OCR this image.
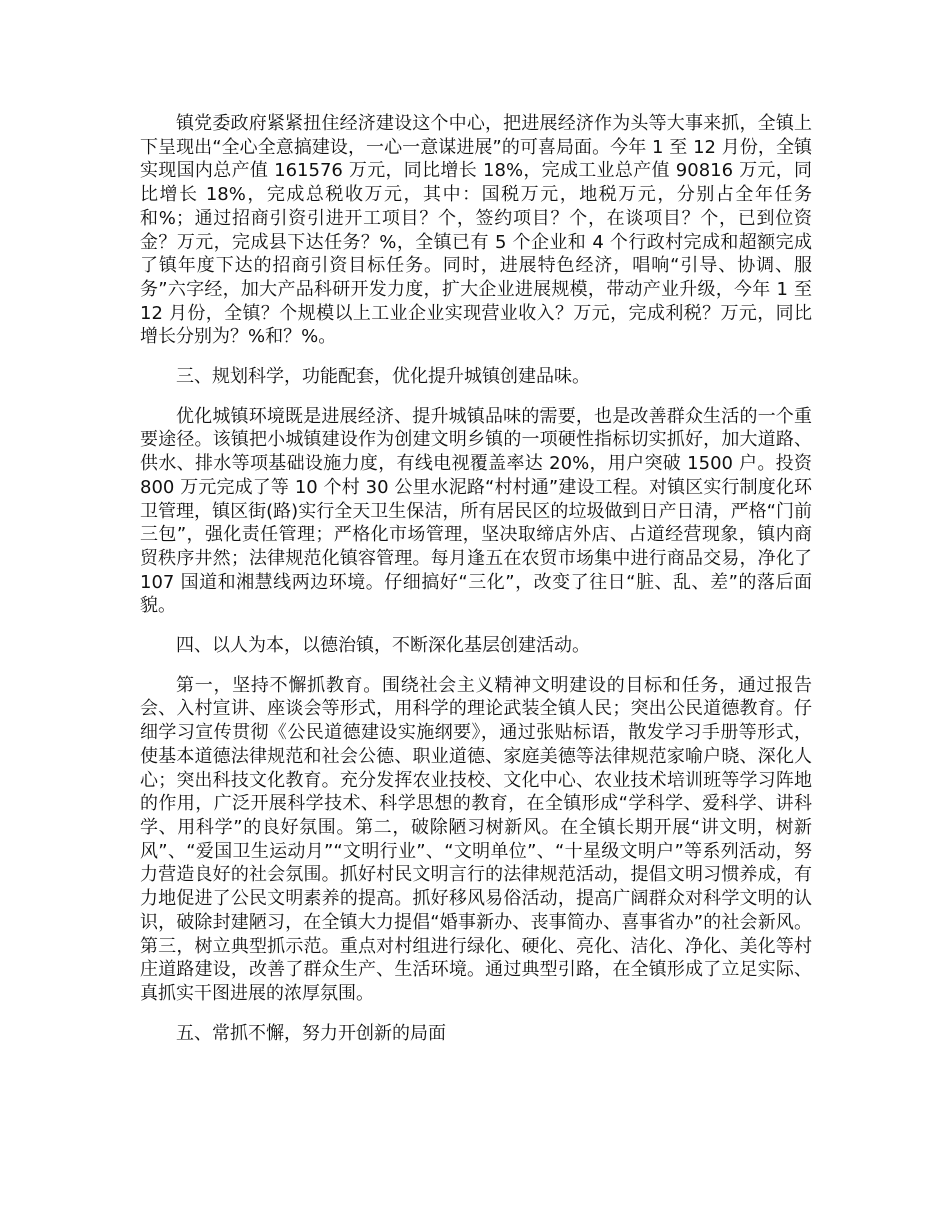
镇党委政府紧紧扭住经济建设这个中心，把进展经济作为头等大事来抓，全镇上下呈现出“全心全意搞建设，一心一意谋进展”的可喜局面。今年 1 至 12 月份，全镇实现国内总产值 161576 万元，同比增长 18%，完成工业总产值 90816 万元，同比增长 18%，完成总税收万元，其中：国税万元，地税万元，分别占全年任务和%；通过招商引资引进开工项目？个，签约项目？个，在谈项目？个，已到位资金？万元，完成县下达任务？%，全镇已有 5 个企业和 4 个行政村完成和超额完成了镇年度下达的招商引资目标任务。同时，进展特色经济，唱响“引导、协调、服务”六字经，加大产品科研开发力度，扩大企业进展规模，带动产业升级，今年 1 至 12 月份，全镇？个规模以上工业企业实现营业收入？万元，完成利税？万元，同比增长分别为？%和？%。

三、规划科学，功能配套，优化提升城镇创建品味。

优化城镇环境既是进展经济、提升城镇品味的需要，也是改善群众生活的一个重要途径。该镇把小城镇建设作为创建文明乡镇的一项硬性指标切实抓好，加大道路、供水、排水等项基础设施力度，有线电视覆盖率达 20%，用户突破 1500 户。投资 800 万元完成了等 10 个村 30 公里水泥路“村村通”建设工程。对镇区实行制度化环卫管理，镇区街(路)实行全天卫生保洁，所有居民区的垃圾做到日产日清，严格“门前三包”，强化责任管理；严格化市场管理，坚决取缔店外店、占道经营现象，镇内商贸秩序井然；法律规范化镇容管理。每月逢五在农贸市场集中进行商品交易，净化了 107 国道和湘慧线两边环境。仔细搞好“三化”，改变了往日“脏、乱、差”的落后面貌。

四、以人为本，以德治镇，不断深化基层创建活动。

第一，坚持不懈抓教育。围绕社会主义精神文明建设的目标和任务，通过报告会、入村宣讲、座谈会等形式，用科学的理论武装全镇人民；突出公民道德教育。仔细学习宣传贯彻《公民道德建设实施纲要》，通过张贴标语，散发学习手册等形式，使基本道德法律规范和社会公德、职业道德、家庭美德等法律规范家喻户晓、深化人心；突出科技文化教育。充分发挥农业技校、文化中心、农业技术培训班等学习阵地的作用，广泛开展科学技术、科学思想的教育，在全镇形成“学科学、爱科学、讲科学、用科学”的良好氛围。第二，破除陋习树新风。在全镇长期开展“讲文明，树新风”、“爱国卫生运动月”“文明行业”、“文明单位”、“十星级文明户”等系列活动，努力营造良好的社会氛围。抓好村民文明言行的法律规范活动，提倡文明习惯养成，有力地促进了公民文明素养的提高。抓好移风易俗活动，提高广阔群众对科学文明的认识，破除封建陋习，在全镇大力提倡“婚事新办、丧事简办、喜事省办”的社会新风。第三，树立典型抓示范。重点对村组进行绿化、硬化、亮化、洁化、净化、美化等村庄道路建设，改善了群众生产、生活环境。通过典型引路，在全镇形成了立足实际、真抓实干图进展的浓厚氛围。

五、常抓不懈，努力开创新的局面
